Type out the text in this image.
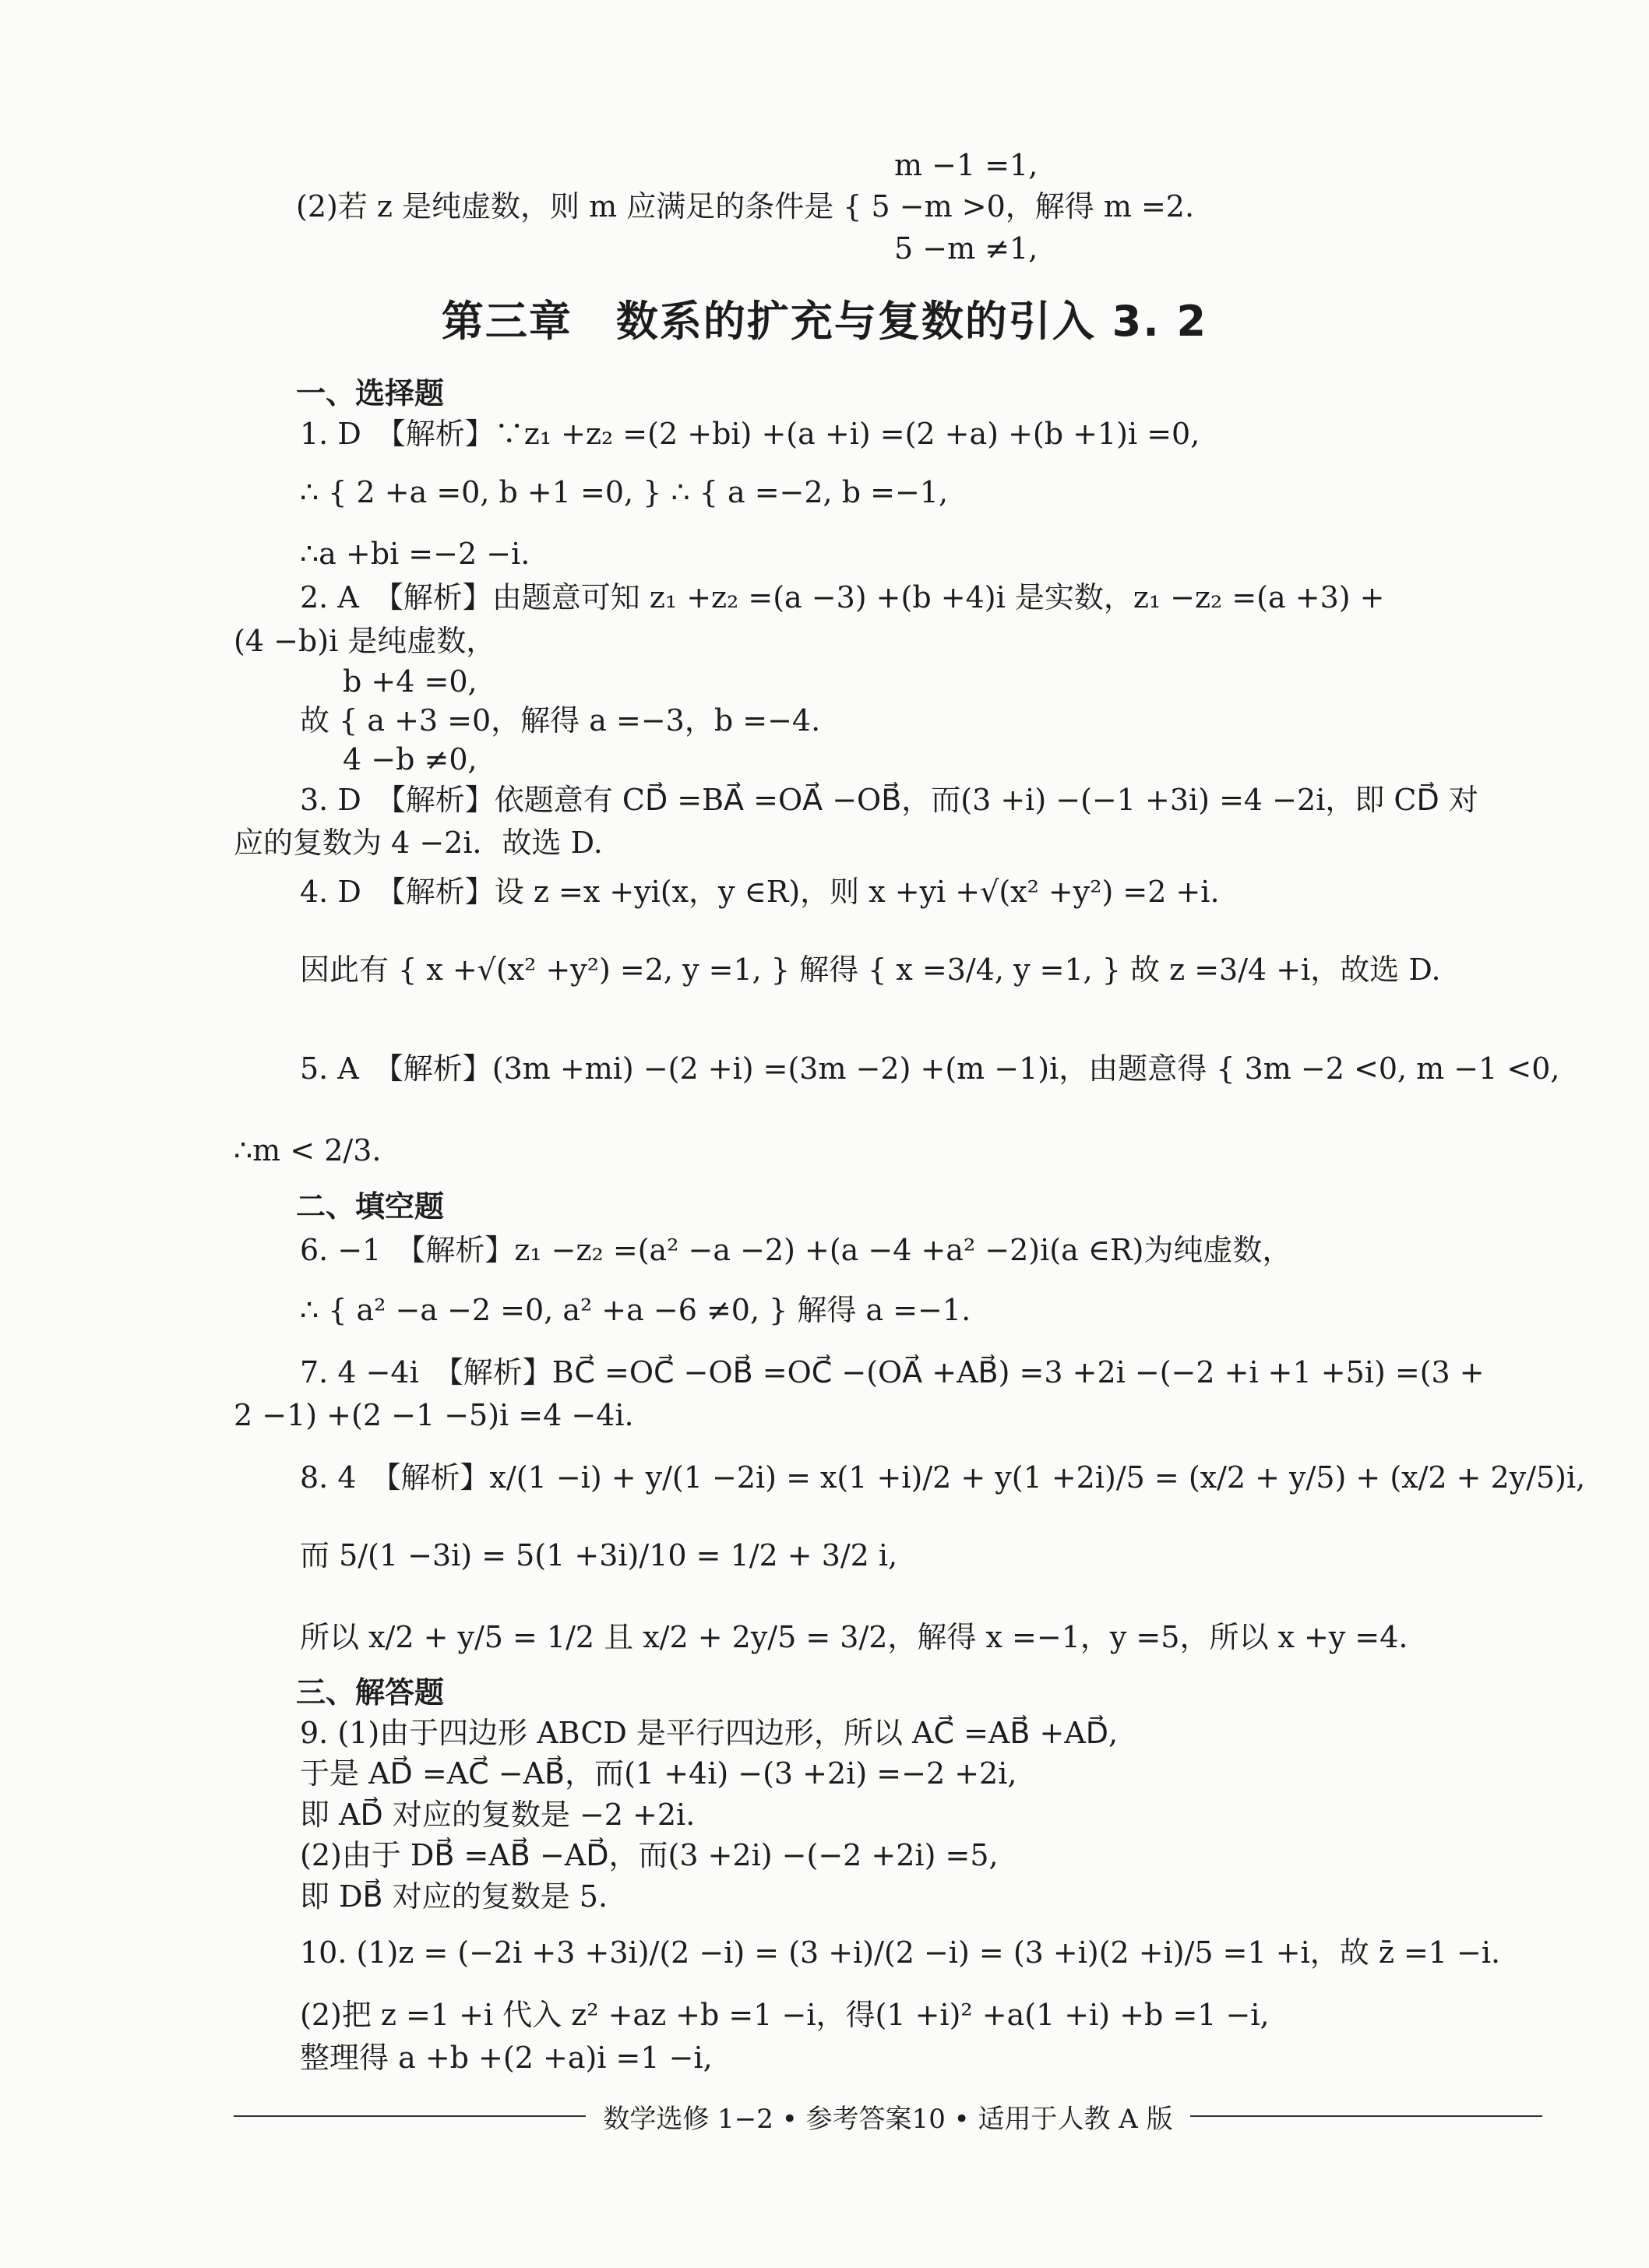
m −1 =1,
(2)若 z 是纯虚数，则 m 应满足的条件是 { 5 −m >0，解得 m =2.
5 −m ≠1,
第三章　数系的扩充与复数的引入 3. 2
一、选择题
1. D　【解析】∵z₁ +z₂ =(2 +bi) +(a +i) =(2 +a) +(b +1)i =0,
∴ { 2 +a =0, b +1 =0, } ∴ { a =−2, b =−1,
∴a +bi =−2 −i.
2. A　【解析】由题意可知 z₁ +z₂ =(a −3) +(b +4)i 是实数，z₁ −z₂ =(a +3) +
(4 −b)i 是纯虚数，
b +4 =0,
故 { a +3 =0，解得 a =−3，b =−4.
4 −b ≠0,
3. D　【解析】依题意有 CD⃗ =BA⃗ =OA⃗ −OB⃗，而(3 +i) −(−1 +3i) =4 −2i，即 CD⃗ 对
应的复数为 4 −2i．故选 D.
4. D　【解析】设 z =x +yi(x，y ∈R)，则 x +yi +√(x² +y²) =2 +i.
因此有 { x +√(x² +y²) =2, y =1, } 解得 { x =3/4, y =1, } 故 z =3/4 +i，故选 D.
5. A　【解析】(3m +mi) −(2 +i) =(3m −2) +(m −1)i，由题意得 { 3m −2 <0, m −1 <0,
∴m < 2/3.
二、填空题
6. −1　【解析】z₁ −z₂ =(a² −a −2) +(a −4 +a² −2)i(a ∈R)为纯虚数，
∴ { a² −a −2 =0, a² +a −6 ≠0, } 解得 a =−1.
7. 4 −4i　【解析】BC⃗ =OC⃗ −OB⃗ =OC⃗ −(OA⃗ +AB⃗) =3 +2i −(−2 +i +1 +5i) =(3 +
2 −1) +(2 −1 −5)i =4 −4i.
8. 4　【解析】x/(1 −i) + y/(1 −2i) = x(1 +i)/2 + y(1 +2i)/5 = (x/2 + y/5) + (x/2 + 2y/5)i,
而 5/(1 −3i) = 5(1 +3i)/10 = 1/2 + 3/2 i,
所以 x/2 + y/5 = 1/2 且 x/2 + 2y/5 = 3/2，解得 x =−1，y =5，所以 x +y =4.
三、解答题
9. (1)由于四边形 ABCD 是平行四边形，所以 AC⃗ =AB⃗ +AD⃗,
于是 AD⃗ =AC⃗ −AB⃗，而(1 +4i) −(3 +2i) =−2 +2i,
即 AD⃗ 对应的复数是 −2 +2i.
(2)由于 DB⃗ =AB⃗ −AD⃗，而(3 +2i) −(−2 +2i) =5,
即 DB⃗ 对应的复数是 5.
10. (1)z = (−2i +3 +3i)/(2 −i) = (3 +i)/(2 −i) = (3 +i)(2 +i)/5 =1 +i，故 z̄ =1 −i.
(2)把 z =1 +i 代入 z² +az +b =1 −i，得(1 +i)² +a(1 +i) +b =1 −i,
整理得 a +b +(2 +a)i =1 −i,
数学选修 1−2 • 参考答案10 • 适用于人教 A 版
